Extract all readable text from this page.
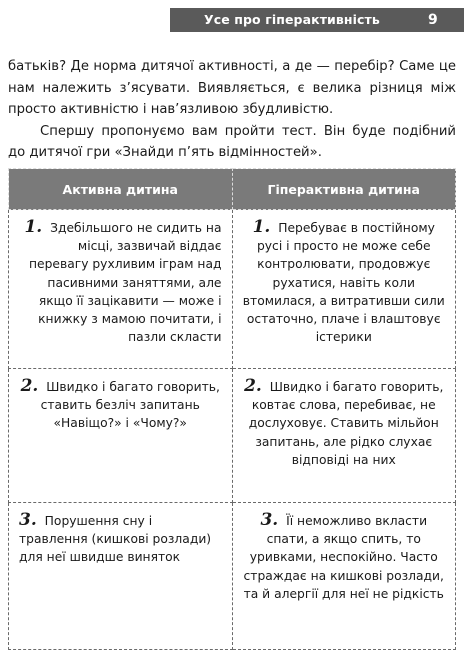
Усе про гіперактивність	9

батьків? Де норма дитячої активності, а де — перебір? Саме це нам належить з’ясувати. Виявляється, є велика різниця між просто активністю і нав’язливою збудливістю.

Спершу пропонуємо вам пройти тест. Він буде подібний до дитячої гри «Знайди п’ять відмінностей».

Активна дитина	Гіперактивна дитина

1. Здебільшого не сидить на місці, зазвичай віддає перевагу рухливим іграм над пасивними заняттями, але якщо її зацікавити — може і книжку з мамою почитати, і пазли скласти	1. Перебуває в постійному русі і просто не може себе контролювати, продовжує рухатися, навіть коли втомилася, а витративши сили остаточно, плаче і влаштовує істерики

2. Швидко і багато говорить, ставить безліч запитань «Навіщо?» і «Чому?»	2. Швидко і багато говорить, ковтає слова, перебиває, не дослуховує. Ставить мільйон запитань, але рідко слухає відповіді на них

3. Порушення сну і травлення (кишкові розлади) для неї швидше виняток	3. Її неможливо вкласти спати, а якщо спить, то уривками, неспокійно. Часто страждає на кишкові розлади, та й алергії для неї не рідкість
